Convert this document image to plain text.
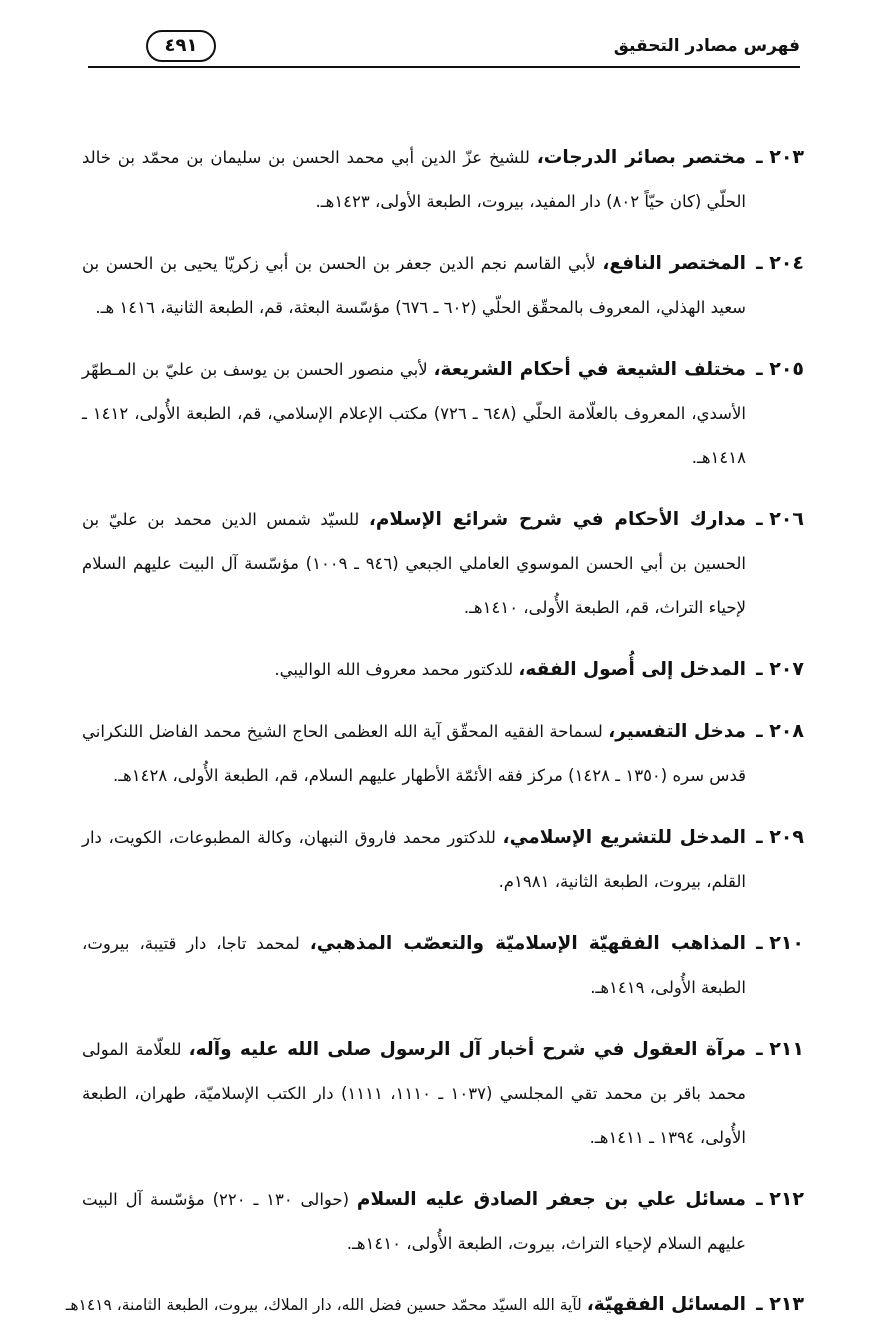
فهرس مصادر التحقيق
٤٩١

٢٠٣ ـمختصر بصائر الدرجات، للشيخ عزّ الدين أبي محمد الحسن بن سليمان بن محمّد بن خالد الحلّي (كان حيّاً ٨٠٢) دار المفيد، بيروت، الطبعة الأولى، ١٤٢٣هـ.

٢٠٤ ـالمختصر النافع، لأبي القاسم نجم الدين جعفر بن الحسن بن أبي زكريّا يحيى بن الحسن بن سعيد الهذلي، المعروف بالمحقّق الحلّي (٦٠٢ ـ ٦٧٦) مؤسّسة البعثة، قم، الطبعة الثانية، ١٤١٦ هـ.

٢٠٥ ـمختلف الشيعة في أحكام الشريعة، لأبي منصور الحسن بن يوسف بن عليّ بن المـطهّر الأسدي، المعروف بالعلّامة الحلّي (٦٤٨ ـ ٧٢٦) مكتب الإعلام الإسلامي، قم، الطبعة الأُولى، ١٤١٢ ـ ١٤١٨هـ.

٢٠٦ ـمدارك الأحكام في شرح شرائع الإسلام، للسيّد شمس الدين محمد بن عليّ بن الحسين بن أبي الحسن الموسوي العاملي الجبعي (٩٤٦ ـ ١٠٠٩) مؤسّسة آل البيت عليهم السلام لإحياء التراث، قم، الطبعة الأُولى، ١٤١٠هـ.

٢٠٧ ـالمدخل إلى أُصول الفقه، للدكتور محمد معروف الله الواليبي.

٢٠٨ ـمدخل التفسير، لسماحة الفقيه المحقّق آية الله العظمى الحاج الشيخ محمد الفاضل اللنكراني قدس سره (١٣٥٠ ـ ١٤٢٨) مركز فقه الأئمّة الأطهار عليهم السلام، قم، الطبعة الأُولى، ١٤٢٨هـ.

٢٠٩ ـالمدخل للتشريع الإسلامي، للدكتور محمد فاروق النبهان، وكالة المطبوعات، الكويت، دار القلم، بيروت، الطبعة الثانية، ١٩٨١م.

٢١٠ ـالمذاهب الفقهيّة الإسلاميّة والتعصّب المذهبي، لمحمد تاجا، دار قتيبة، بيروت، الطبعة الأُولى، ١٤١٩هـ.

٢١١ ـمرآة العقول في شرح أخبار آل الرسول صلى الله عليه وآله، للعلّامة المولى محمد باقر بن محمد تقي المجلسي (١٠٣٧ ـ ١١١٠، ١١١١) دار الكتب الإسلاميّة، طهران، الطبعة الأُولى، ١٣٩٤ ـ ١٤١١هـ.

٢١٢ ـمسائل علي بن جعفر الصادق عليه السلام (حوالى ١٣٠ ـ ٢٢٠) مؤسّسة آل البيت عليهم السلام لإحياء التراث، بيروت، الطبعة الأُولى، ١٤١٠هـ.

٢١٣ ـالمسائل الفقهيّة، لآية الله السيّد محمّد حسين فضل الله، دار الملاك، بيروت، الطبعة الثامنة، ١٤١٩هـ
